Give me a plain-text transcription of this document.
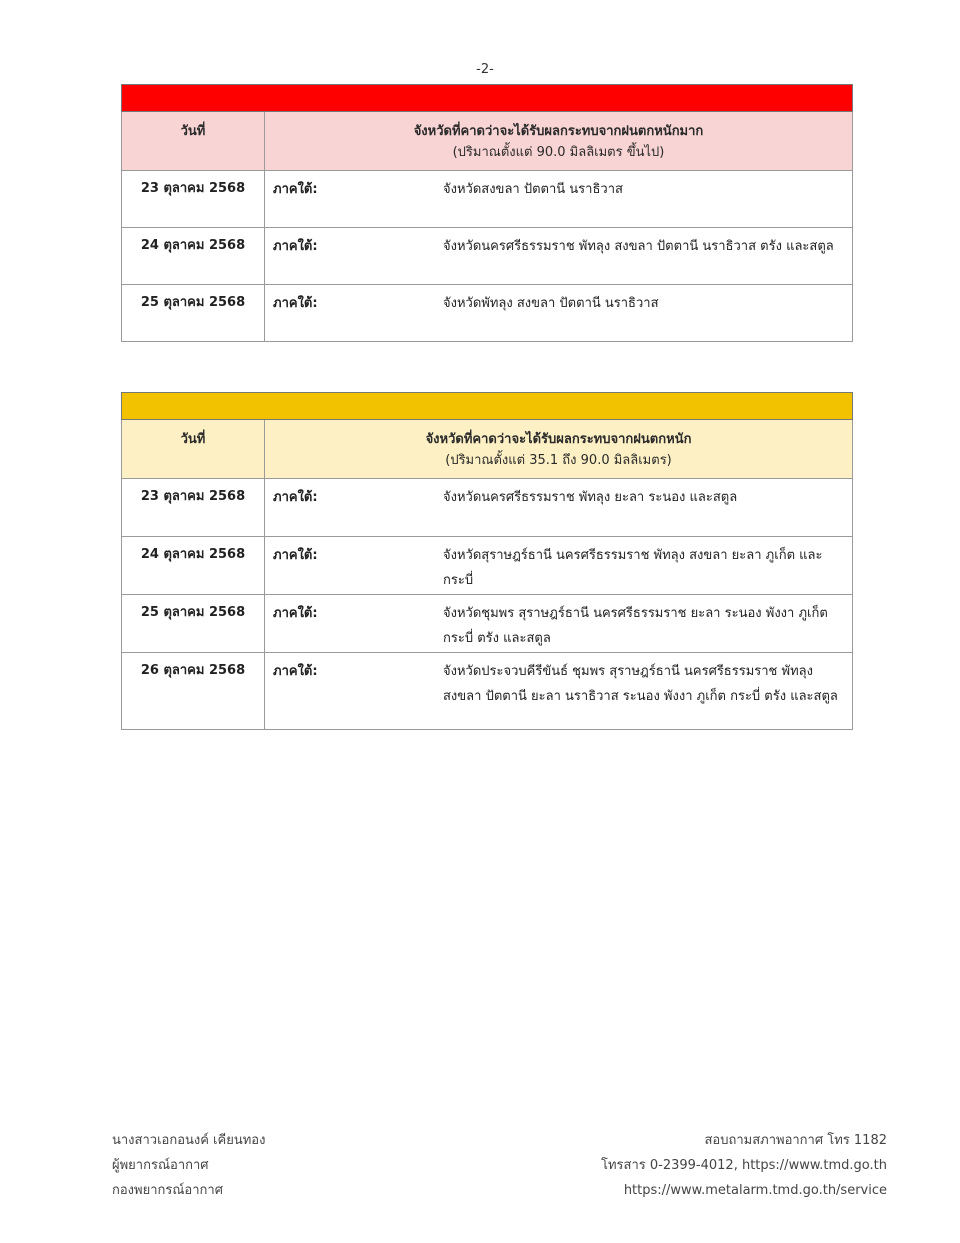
-2-

วันที่	จังหวัดที่คาดว่าจะได้รับผลกระทบจากฝนตกหนักมาก
(ปริมาณตั้งแต่ 90.0 มิลลิเมตร ขึ้นไป)

23 ตุลาคม 2568	ภาคใต้: จังหวัดสงขลา ปัตตานี นราธิวาส

24 ตุลาคม 2568	ภาคใต้: จังหวัดนครศรีธรรมราช พัทลุง สงขลา ปัตตานี นราธิวาส ตรัง และสตูล

25 ตุลาคม 2568	ภาคใต้: จังหวัดพัทลุง สงขลา ปัตตานี นราธิวาส

วันที่	จังหวัดที่คาดว่าจะได้รับผลกระทบจากฝนตกหนัก
(ปริมาณตั้งแต่ 35.1 ถึง 90.0 มิลลิเมตร)

23 ตุลาคม 2568	ภาคใต้: จังหวัดนครศรีธรรมราช พัทลุง ยะลา ระนอง และสตูล

24 ตุลาคม 2568	ภาคใต้: จังหวัดสุราษฎร์ธานี นครศรีธรรมราช พัทลุง สงขลา ยะลา ภูเก็ต และกระบี่

25 ตุลาคม 2568	ภาคใต้: จังหวัดชุมพร สุราษฎร์ธานี นครศรีธรรมราช ยะลา ระนอง พังงา ภูเก็ต กระบี่ ตรัง และสตูล

26 ตุลาคม 2568	ภาคใต้: จังหวัดประจวบคีรีขันธ์ ชุมพร สุราษฎร์ธานี นครศรีธรรมราช พัทลุง สงขลา ปัตตานี ยะลา นราธิวาส ระนอง พังงา ภูเก็ต กระบี่ ตรัง และสตูล
นางสาวเอกอนงค์ เคียนทอง
ผู้พยากรณ์อากาศ
กองพยากรณ์อากาศ
สอบถามสภาพอากาศ โทร 1182
โทรสาร 0-2399-4012, https://www.tmd.go.th
https://www.metalarm.tmd.go.th/service
